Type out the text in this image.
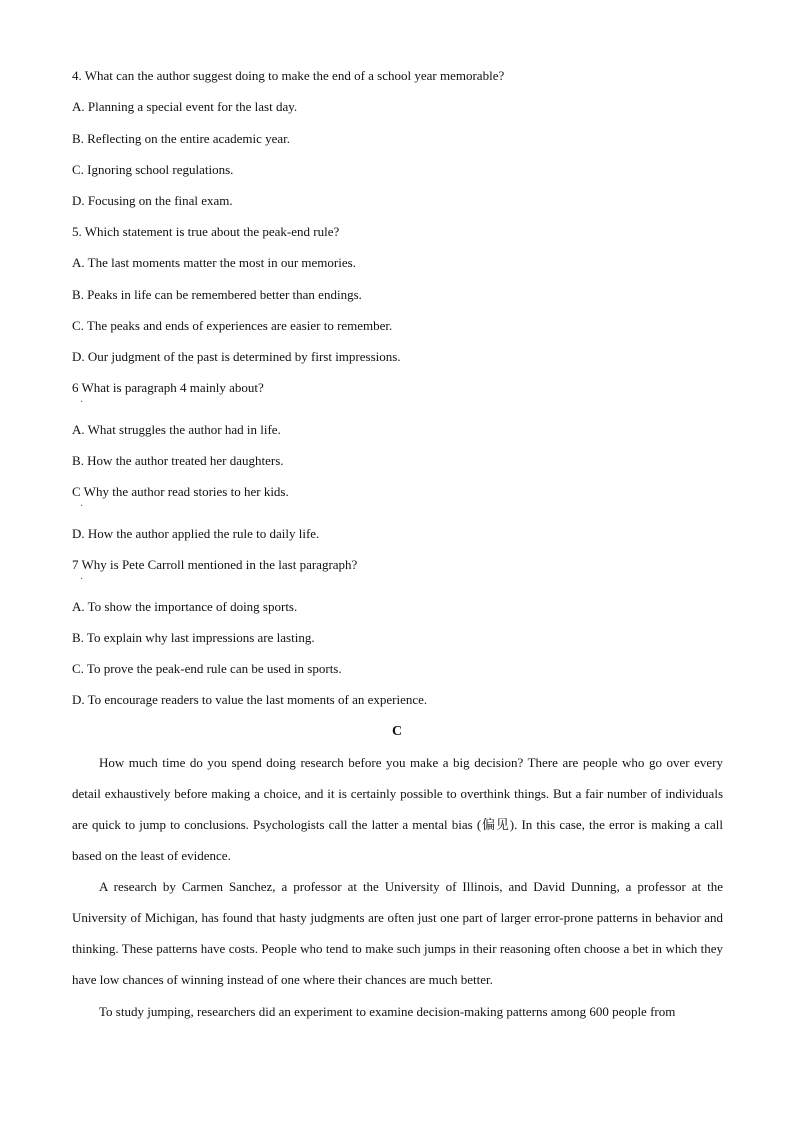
4. What can the author suggest doing to make the end of a school year memorable?
A. Planning a special event for the last day.
B. Reflecting on the entire academic year.
C. Ignoring school regulations.
D. Focusing on the final exam.
5. Which statement is true about the peak-end rule?
A. The last moments matter the most in our memories.
B. Peaks in life can be remembered better than endings.
C. The peaks and ends of experiences are easier to remember.
D. Our judgment of the past is determined by first impressions.
6 What is paragraph 4 mainly about?
·
A. What struggles the author had in life.
B. How the author treated her daughters.
C Why the author read stories to her kids.
·
D. How the author applied the rule to daily life.
7 Why is Pete Carroll mentioned in the last paragraph?
·
A. To show the importance of doing sports.
B. To explain why last impressions are lasting.
C. To prove the peak-end rule can be used in sports.
D. To encourage readers to value the last moments of an experience.
C

How much time do you spend doing research before you make a big decision? There are people who go over every detail exhaustively before making a choice, and it is certainly possible to overthink things. But a fair number of individuals are quick to jump to conclusions. Psychologists call the latter a mental bias (偏见). In this case, the error is making a call based on the least of evidence.

A research by Carmen Sanchez, a professor at the University of Illinois, and David Dunning, a professor at the University of Michigan, has found that hasty judgments are often just one part of larger error-prone patterns in behavior and thinking. These patterns have costs. People who tend to make such jumps in their reasoning often choose a bet in which they have low chances of winning instead of one where their chances are much better.

To study jumping, researchers did an experiment to examine decision-making patterns among 600 people from
